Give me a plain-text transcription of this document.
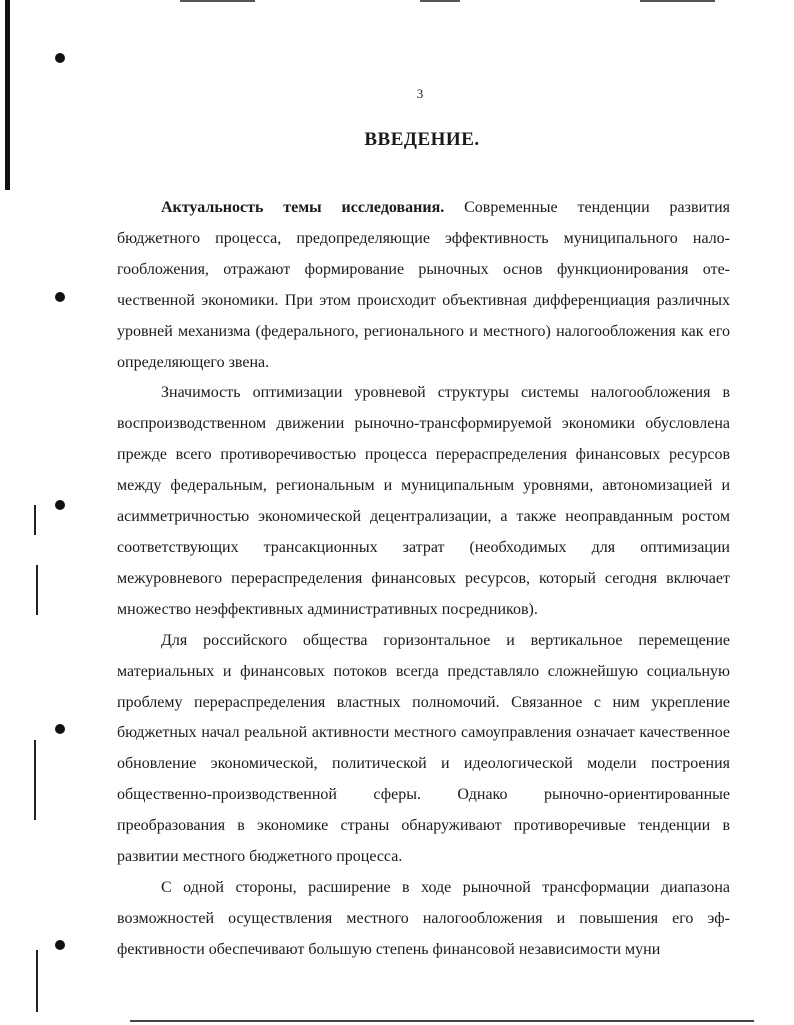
3
ВВЕДЕНИЕ.

Актуальность темы исследования. Современные тенденции развития бюджетного процесса, предопределяющие эффективность муниципального налогообложения, отражают формирование рыночных основ функционирования отечественной экономики. При этом происходит объективная дифференциация различных уровней механизма (федерального, регионального и местного) налогообложения как его определяющего звена.

Значимость оптимизации уровневой структуры системы налогообложения в воспроизводственном движении рыночно-трансформируемой экономики обусловлена прежде всего противоречивостью процесса перераспределения финансовых ресурсов между федеральным, региональным и муниципальным уровнями, автономизацией и асимметричностью экономической децентрализации, а также неоправданным ростом соответствующих трансакционных затрат (необходимых для оптимизации межуровневого перераспределения финансовых ресурсов, который сегодня включает множество неэффективных административных посредников).

Для российского общества горизонтальное и вертикальное перемещение материальных и финансовых потоков всегда представляло сложнейшую социальную проблему перераспределения властных полномочий. Связанное с ним укрепление бюджетных начал реальной активности местного самоуправления означает качественное обновление экономической, политической и идеологической модели построения общественно-производственной сферы. Однако рыночно-ориентированные преобразования в экономике страны обнаруживают противоречивые тенденции в развитии местного бюджетного процесса.

С одной стороны, расширение в ходе рыночной трансформации диапазона возможностей осуществления местного налогообложения и повышения его эффективности обеспечивают большую степень финансовой независимости муни
